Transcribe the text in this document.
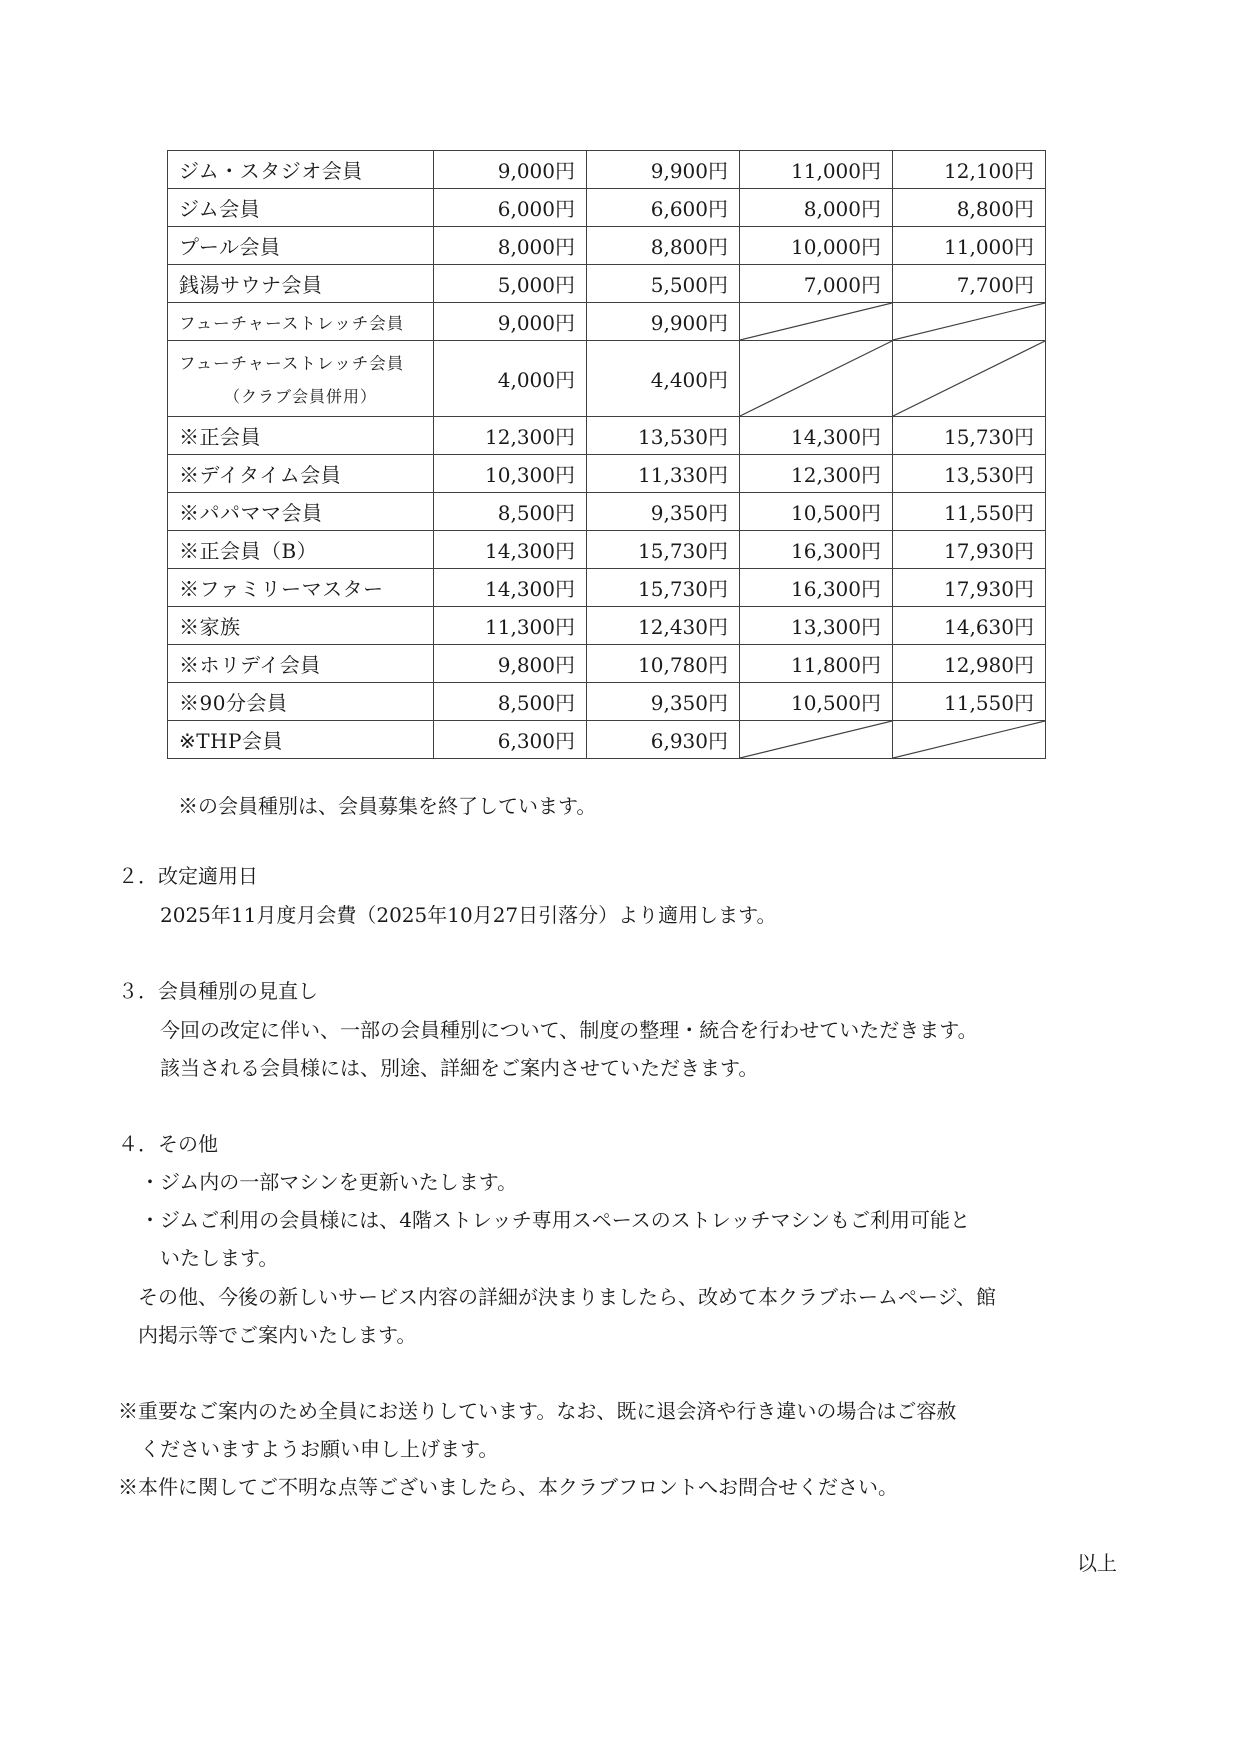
ジム・スタジオ会員	9,000円	9,900円	11,000円	12,100円
ジム会員	6,000円	6,600円	8,000円	8,800円
プール会員	8,000円	8,800円	10,000円	11,000円
銭湯サウナ会員	5,000円	5,500円	7,000円	7,700円
フューチャーストレッチ会員	9,000円	9,900円	

フューチャーストレッチ会員
（クラブ会員併用）	4,000円	4,400円	

※正会員	12,300円	13,530円	14,300円	15,730円
※デイタイム会員	10,300円	11,330円	12,300円	13,530円
※パパママ会員	8,500円	9,350円	10,500円	11,550円
※正会員（B）	14,300円	15,730円	16,300円	17,930円
※ファミリーマスター	14,300円	15,730円	16,300円	17,930円
※家族	11,300円	12,430円	13,300円	14,630円
※ホリデイ会員	9,800円	10,780円	11,800円	12,980円
※90分会員	8,500円	9,350円	10,500円	11,550円
※THP会員	6,300円	6,930円	

※の会員種別は、会員募集を終了しています。
２．改定適用日
2025年11月度月会費（2025年10月27日引落分）より適用します。
３．会員種別の見直し
今回の改定に伴い、一部の会員種別について、制度の整理・統合を行わせていただきます。
該当される会員様には、別途、詳細をご案内させていただきます。
４．その他
・ジム内の一部マシンを更新いたします。
・ジムご利用の会員様には、4階ストレッチ専用スペースのストレッチマシンもご利用可能と
いたします。
その他、今後の新しいサービス内容の詳細が決まりましたら、改めて本クラブホームページ、館
内掲示等でご案内いたします。
※重要なご案内のため全員にお送りしています。なお、既に退会済や行き違いの場合はご容赦
くださいますようお願い申し上げます。
※本件に関してご不明な点等ございましたら、本クラブフロントへお問合せください。
以上
